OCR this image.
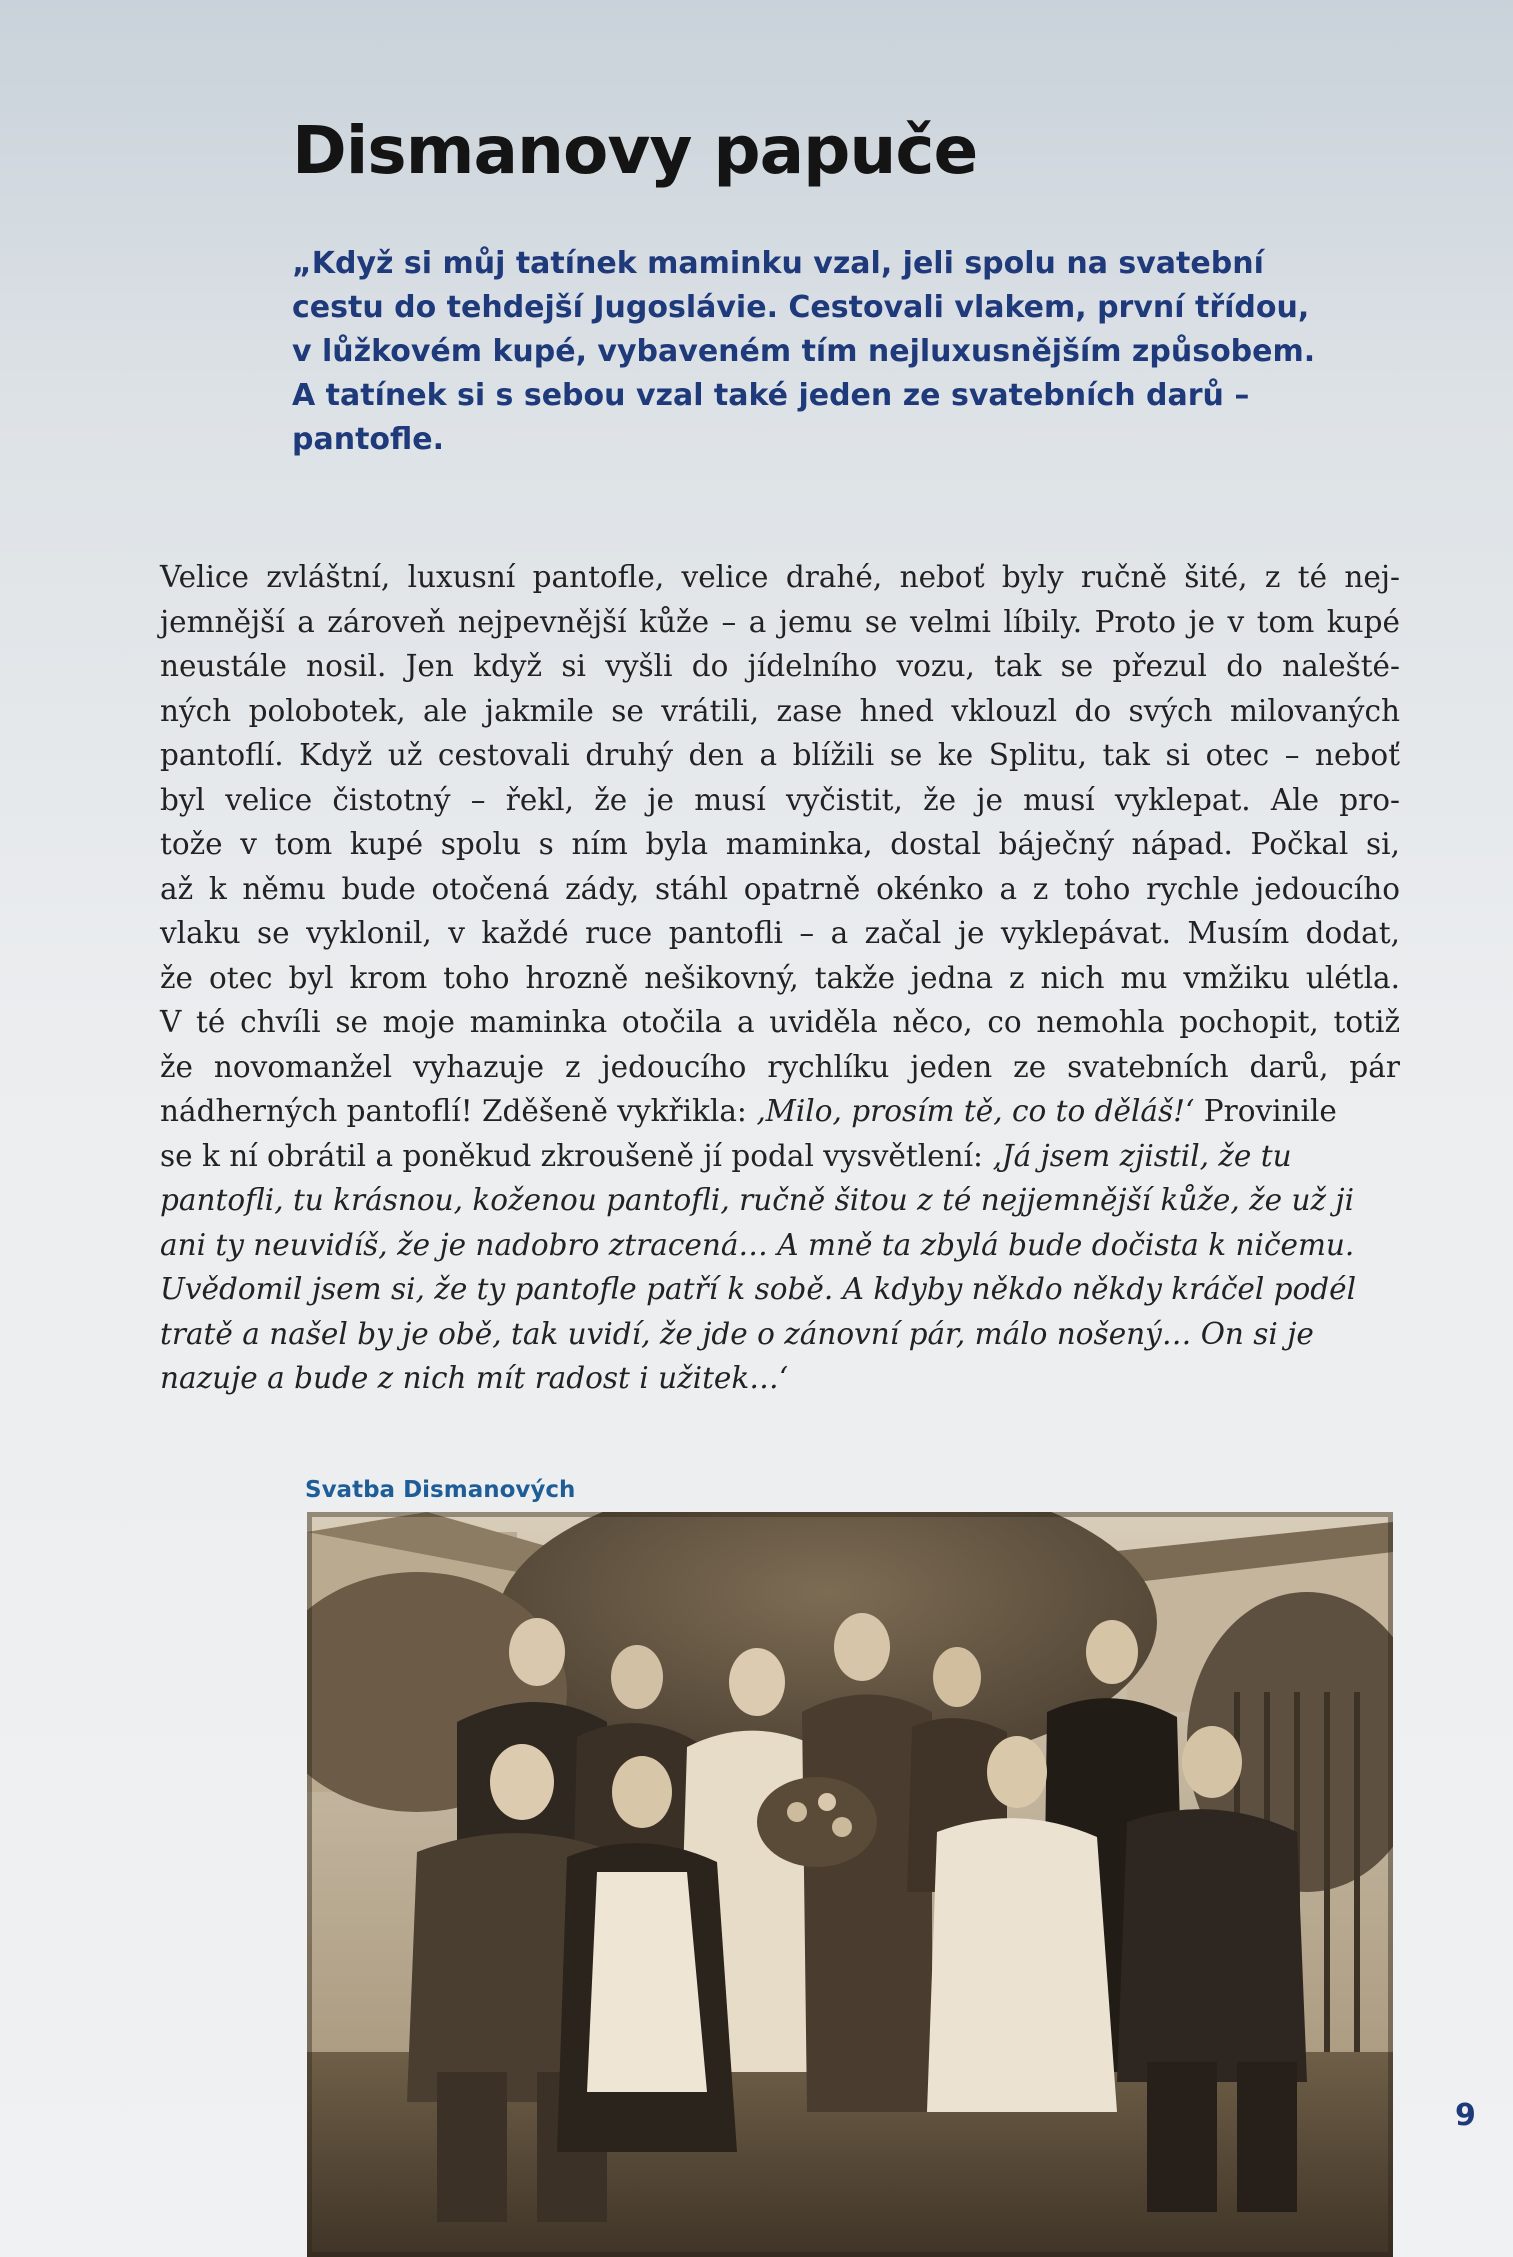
Dismanovy papuče

„Když si můj tatínek maminku vzal, jeli spolu na svatební
cestu do tehdejší Jugoslávie. Cestovali vlakem, první třídou,
v lůžkovém kupé, vybaveném tím nejluxusnějším způsobem.
A tatínek si s sebou vzal také jeden ze svatebních darů –
pantofle.

Velice zvláštní, luxusní pantofle, velice drahé, neboť byly ručně šité, z té nej-
jemnější a zároveň nejpevnější kůže – a jemu se velmi líbily. Proto je v tom kupé
neustále nosil. Jen když si vyšli do jídelního vozu, tak se přezul do nalešté-
ných polobotek, ale jakmile se vrátili, zase hned vklouzl do svých milovaných
pantoflí. Když už cestovali druhý den a blížili se ke Splitu, tak si otec – neboť
byl velice čistotný – řekl, že je musí vyčistit, že je musí vyklepat. Ale pro-
tože v tom kupé spolu s ním byla maminka, dostal báječný nápad. Počkal si,
až k němu bude otočená zády, stáhl opatrně okénko a z toho rychle jedoucího
vlaku se vyklonil, v každé ruce pantofli – a začal je vyklepávat. Musím dodat,
že otec byl krom toho hrozně nešikovný, takže jedna z nich mu vmžiku ulétla.
V té chvíli se moje maminka otočila a uviděla něco, co nemohla pochopit, totiž
že novomanžel vyhazuje z jedoucího rychlíku jeden ze svatebních darů, pár
nádherných pantoflí! Zděšeně vykřikla: ‚Milo, prosím tě, co to děláš!‘ Provinile
se k ní obrátil a poněkud zkroušeně jí podal vysvětlení: ‚Já jsem zjistil, že tu
pantofli, tu krásnou, koženou pantofli, ručně šitou z té nejjemnější kůže, že už ji
ani ty neuvidíš, že je nadobro ztracená… A mně ta zbylá bude dočista k ničemu.
Uvědomil jsem si, že ty pantofle patří k sobě. A kdyby někdo někdy kráčel podél
tratě a našel by je obě, tak uvidí, že jde o zánovní pár, málo nošený… On si je
nazuje a bude z nich mít radost i užitek…‘

Svatba Dismanových
9
